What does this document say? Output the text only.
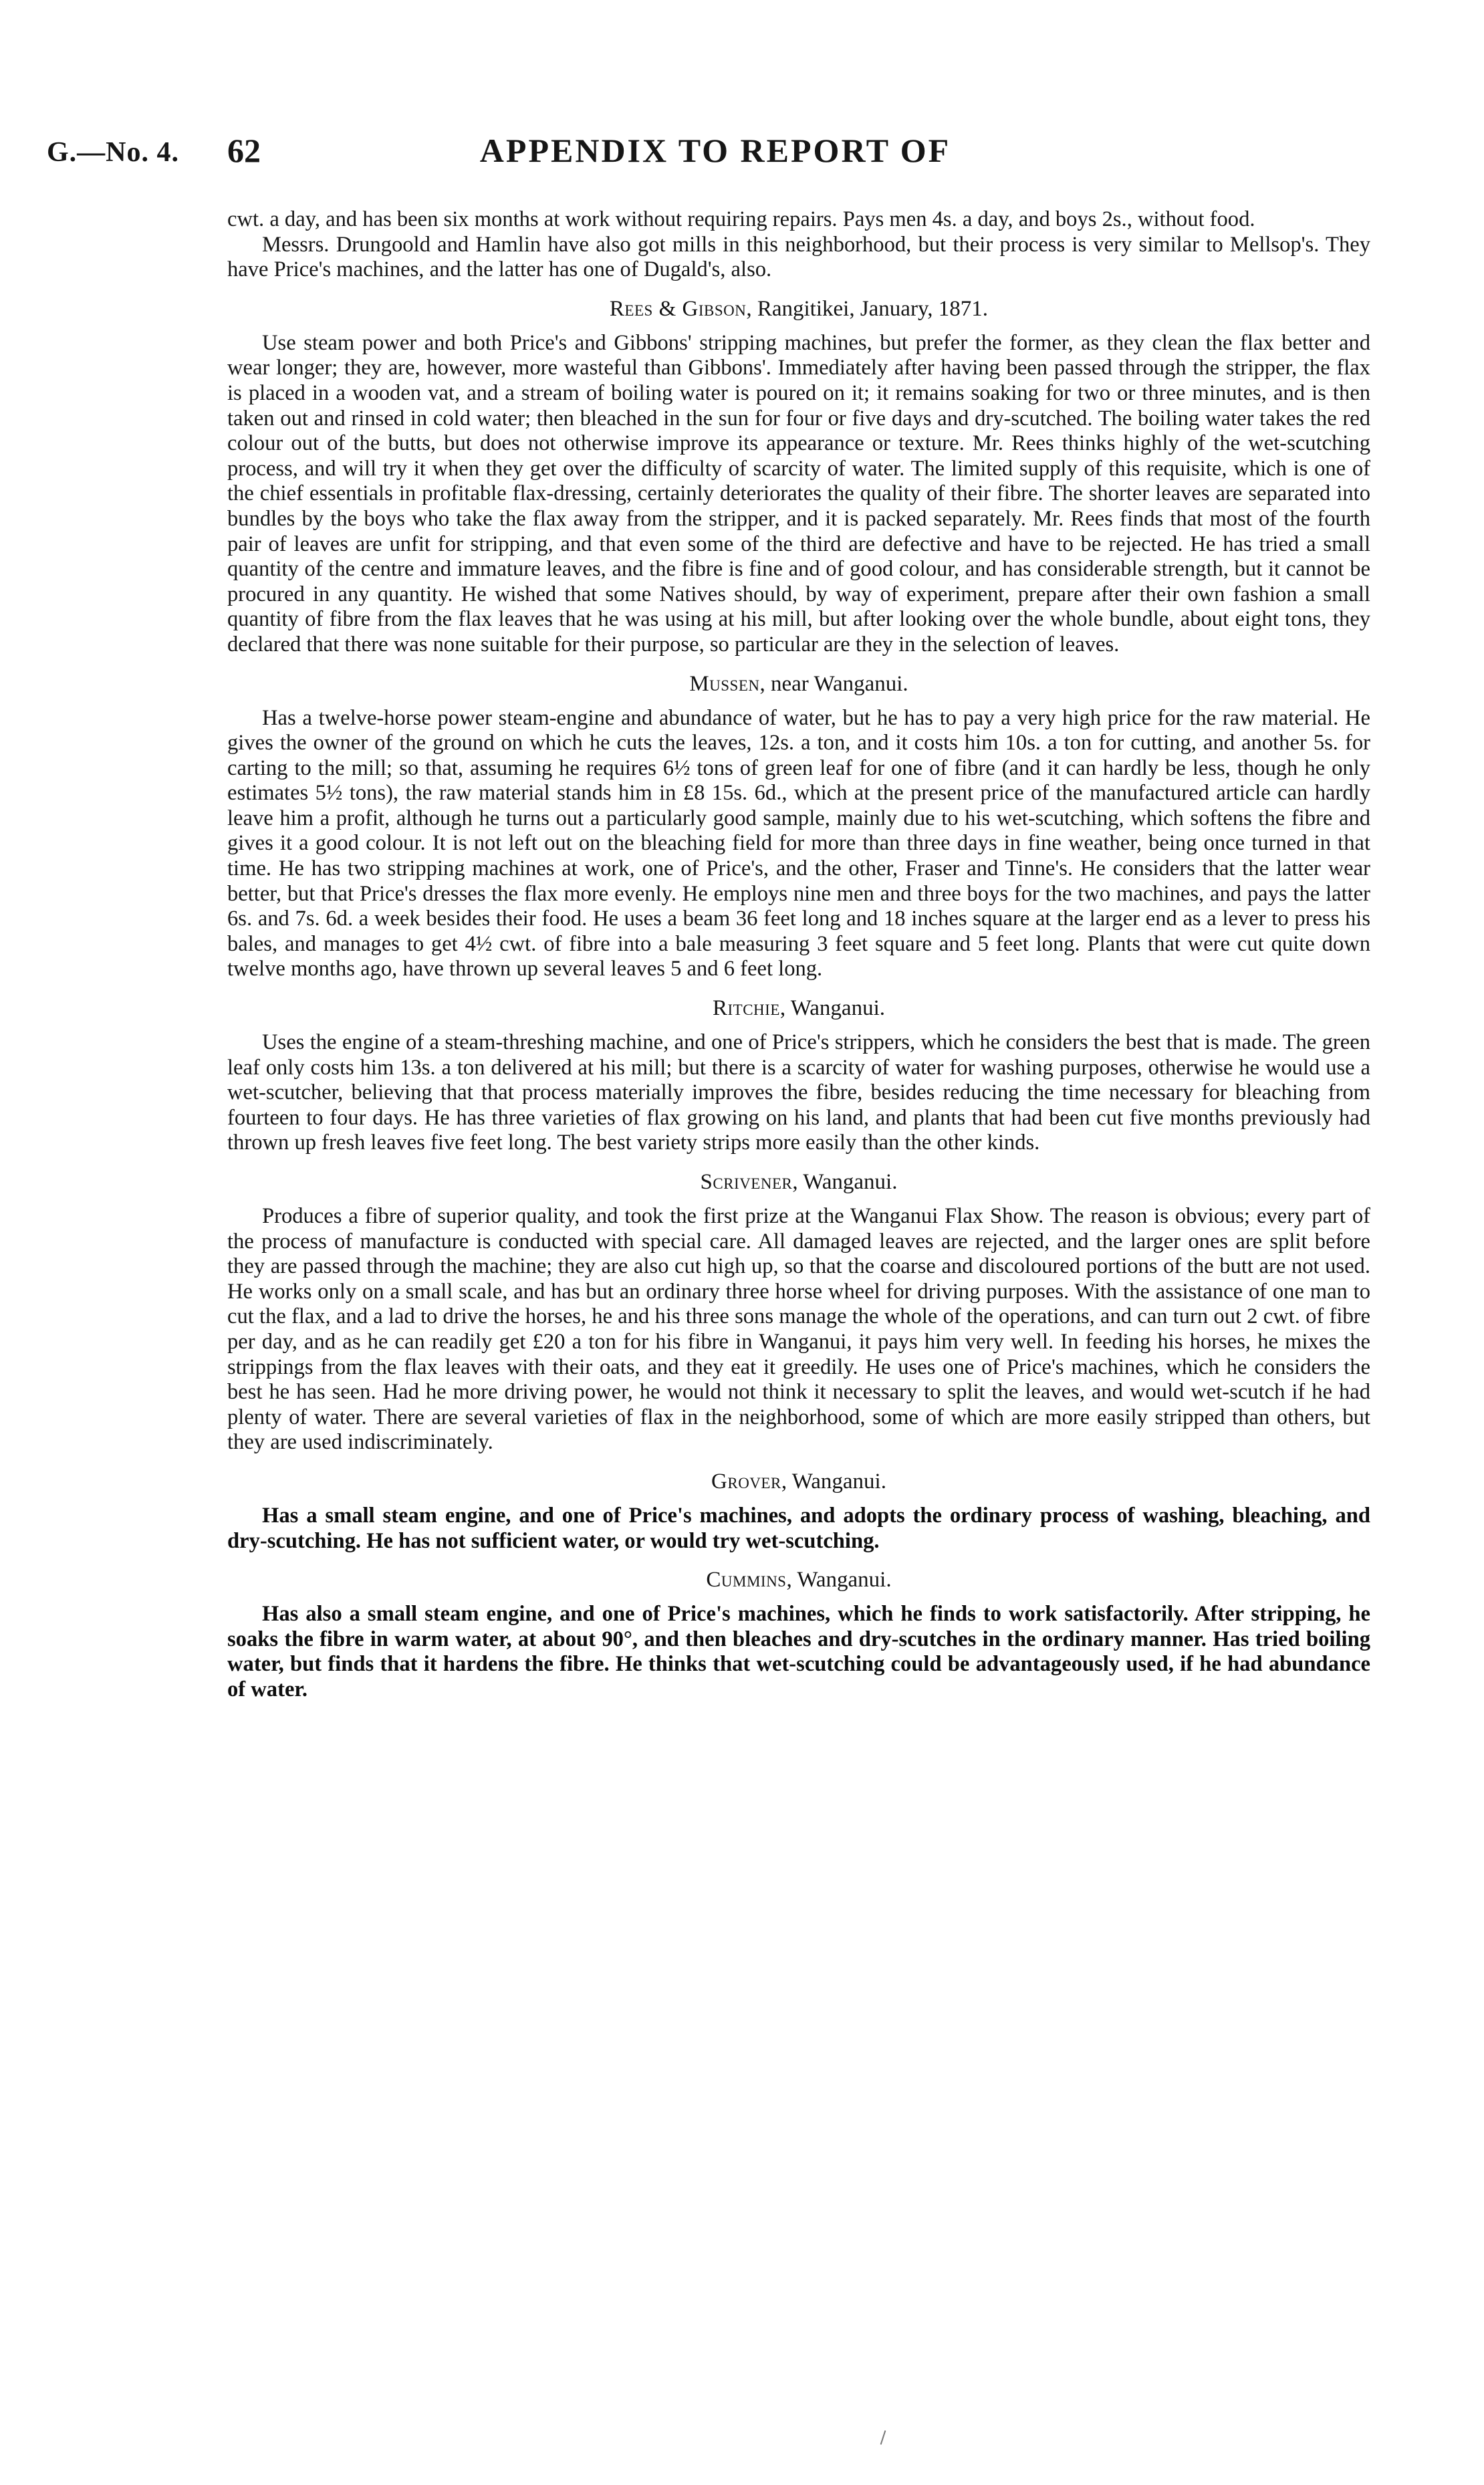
G.—No. 4. 62	APPENDIX TO REPORT OF

cwt. a day, and has been six months at work without requiring repairs. Pays men 4s. a day, and boys 2s., without food.

Messrs. Drungoold and Hamlin have also got mills in this neighborhood, but their process is very similar to Mellsop's. They have Price's machines, and the latter has one of Dugald's, also.

Rees & Gibson, Rangitikei, January, 1871.

Use steam power and both Price's and Gibbons' stripping machines, but prefer the former, as they clean the flax better and wear longer; they are, however, more wasteful than Gibbons'. Immediately after having been passed through the stripper, the flax is placed in a wooden vat, and a stream of boiling water is poured on it; it remains soaking for two or three minutes, and is then taken out and rinsed in cold water; then bleached in the sun for four or five days and dry-scutched. The boiling water takes the red colour out of the butts, but does not otherwise improve its appearance or texture. Mr. Rees thinks highly of the wet-scutching process, and will try it when they get over the difficulty of scarcity of water. The limited supply of this requisite, which is one of the chief essentials in profitable flax-dressing, certainly deteriorates the quality of their fibre. The shorter leaves are separated into bundles by the boys who take the flax away from the stripper, and it is packed separately. Mr. Rees finds that most of the fourth pair of leaves are unfit for stripping, and that even some of the third are defective and have to be rejected. He has tried a small quantity of the centre and immature leaves, and the fibre is fine and of good colour, and has considerable strength, but it cannot be procured in any quantity. He wished that some Natives should, by way of experiment, prepare after their own fashion a small quantity of fibre from the flax leaves that he was using at his mill, but after looking over the whole bundle, about eight tons, they declared that there was none suitable for their purpose, so particular are they in the selection of leaves.

Mussen, near Wanganui.

Has a twelve-horse power steam-engine and abundance of water, but he has to pay a very high price for the raw material. He gives the owner of the ground on which he cuts the leaves, 12s. a ton, and it costs him 10s. a ton for cutting, and another 5s. for carting to the mill; so that, assuming he requires 6½ tons of green leaf for one of fibre (and it can hardly be less, though he only estimates 5½ tons), the raw material stands him in £8 15s. 6d., which at the present price of the manufactured article can hardly leave him a profit, although he turns out a particularly good sample, mainly due to his wet-scutching, which softens the fibre and gives it a good colour. It is not left out on the bleaching field for more than three days in fine weather, being once turned in that time. He has two stripping machines at work, one of Price's, and the other, Fraser and Tinne's. He considers that the latter wear better, but that Price's dresses the flax more evenly. He employs nine men and three boys for the two machines, and pays the latter 6s. and 7s. 6d. a week besides their food. He uses a beam 36 feet long and 18 inches square at the larger end as a lever to press his bales, and manages to get 4½ cwt. of fibre into a bale measuring 3 feet square and 5 feet long. Plants that were cut quite down twelve months ago, have thrown up several leaves 5 and 6 feet long.

Ritchie, Wanganui.

Uses the engine of a steam-threshing machine, and one of Price's strippers, which he considers the best that is made. The green leaf only costs him 13s. a ton delivered at his mill; but there is a scarcity of water for washing purposes, otherwise he would use a wet-scutcher, believing that that process materially improves the fibre, besides reducing the time necessary for bleaching from fourteen to four days. He has three varieties of flax growing on his land, and plants that had been cut five months previously had thrown up fresh leaves five feet long. The best variety strips more easily than the other kinds.

Scrivener, Wanganui.

Produces a fibre of superior quality, and took the first prize at the Wanganui Flax Show. The reason is obvious; every part of the process of manufacture is conducted with special care. All damaged leaves are rejected, and the larger ones are split before they are passed through the machine; they are also cut high up, so that the coarse and discoloured portions of the butt are not used. He works only on a small scale, and has but an ordinary three horse wheel for driving purposes. With the assistance of one man to cut the flax, and a lad to drive the horses, he and his three sons manage the whole of the operations, and can turn out 2 cwt. of fibre per day, and as he can readily get £20 a ton for his fibre in Wanganui, it pays him very well. In feeding his horses, he mixes the strippings from the flax leaves with their oats, and they eat it greedily. He uses one of Price's machines, which he considers the best he has seen. Had he more driving power, he would not think it necessary to split the leaves, and would wet-scutch if he had plenty of water. There are several varieties of flax in the neighborhood, some of which are more easily stripped than others, but they are used indiscriminately.

Grover, Wanganui.

Has a small steam engine, and one of Price's machines, and adopts the ordinary process of washing, bleaching, and dry-scutching. He has not sufficient water, or would try wet-scutching.

Cummins, Wanganui.

Has also a small steam engine, and one of Price's machines, which he finds to work satisfactorily. After stripping, he soaks the fibre in warm water, at about 90°, and then bleaches and dry-scutches in the ordinary manner. Has tried boiling water, but finds that it hardens the fibre. He thinks that wet-scutching could be advantageously used, if he had abundance of water.
